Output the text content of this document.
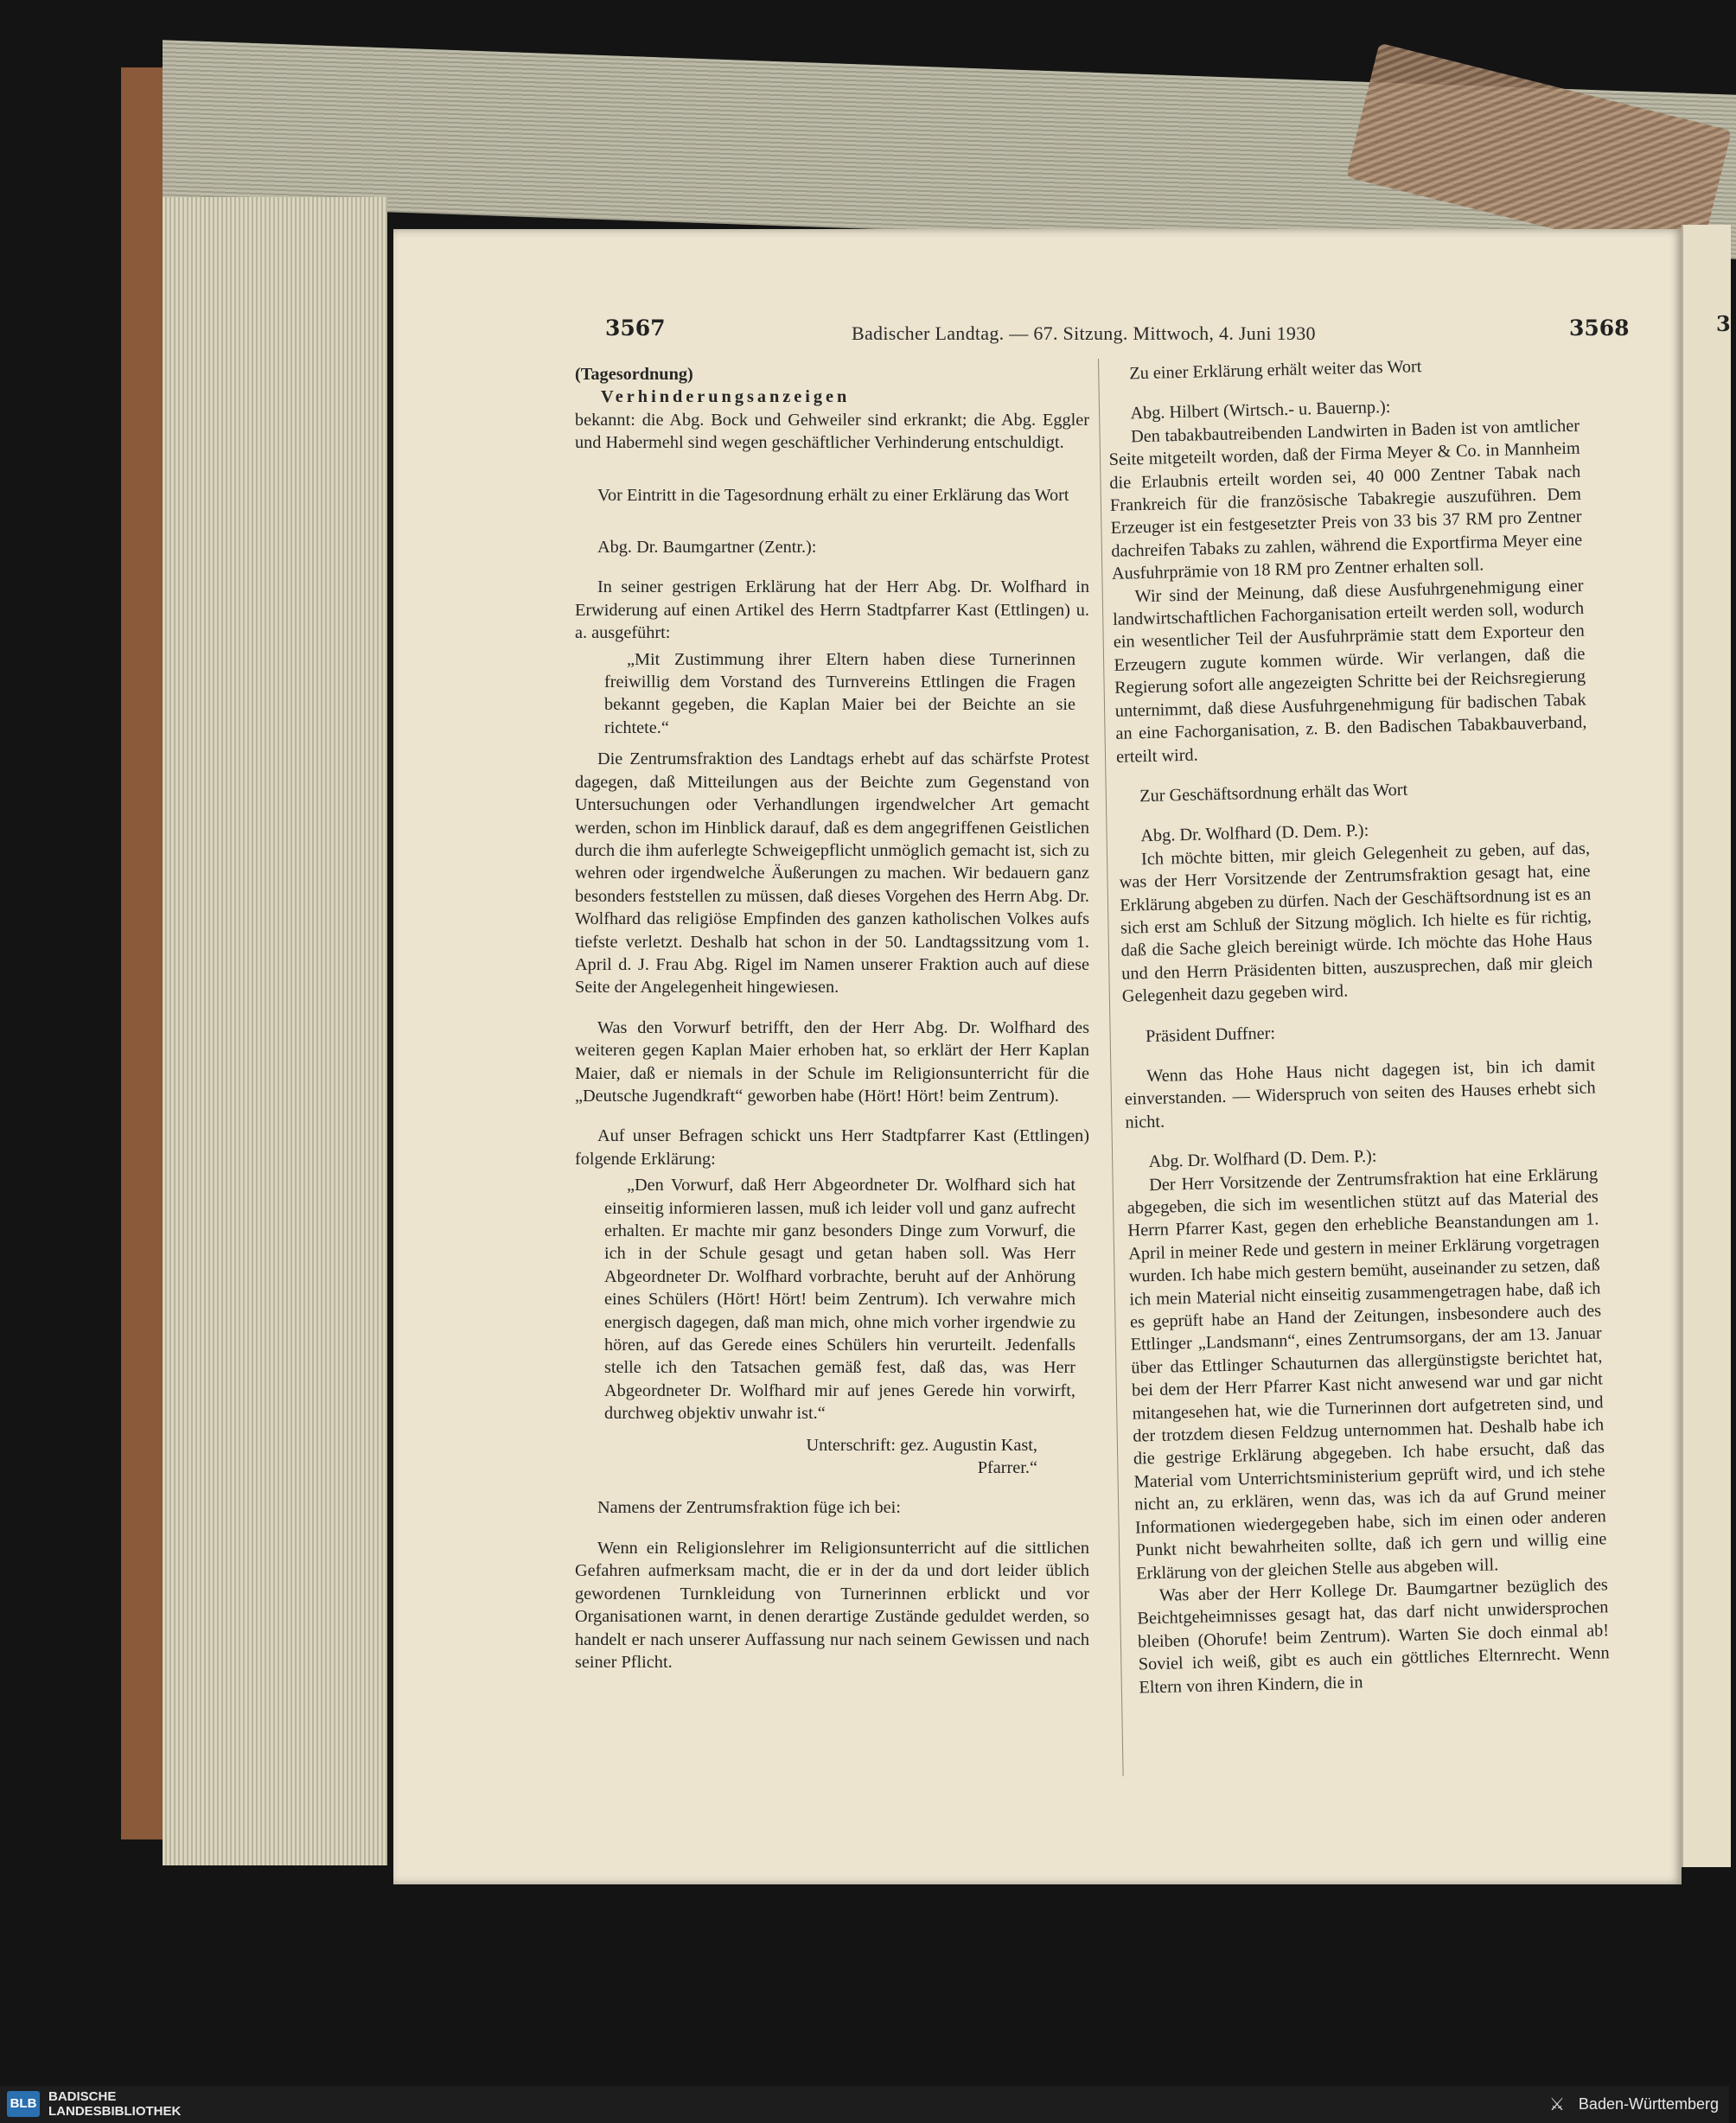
3
3567	Badischer Landtag. — 67. Sitzung. Mittwoch, 4. Juni 1930	3568

(Tagesordnung)

Verhinderungsanzeigen

bekannt: die Abg. Bock und Gehweiler sind erkrankt; die Abg. Eggler und Habermehl sind wegen geschäftlicher Verhinderung entschuldigt.

Vor Eintritt in die Tagesordnung erhält zu einer Erklärung das Wort

Abg. Dr. Baumgartner (Zentr.):

In seiner gestrigen Erklärung hat der Herr Abg. Dr. Wolfhard in Erwiderung auf einen Artikel des Herrn Stadtpfarrer Kast (Ettlingen) u. a. ausgeführt:

„Mit Zustimmung ihrer Eltern haben diese Turnerinnen freiwillig dem Vorstand des Turnvereins Ettlingen die Fragen bekannt gegeben, die Kaplan Maier bei der Beichte an sie richtete.“

Die Zentrumsfraktion des Landtags erhebt auf das schärfste Protest dagegen, daß Mitteilungen aus der Beichte zum Gegenstand von Untersuchungen oder Verhandlungen irgendwelcher Art gemacht werden, schon im Hinblick darauf, daß es dem angegriffenen Geistlichen durch die ihm auferlegte Schweigepflicht unmöglich gemacht ist, sich zu wehren oder irgendwelche Äußerungen zu machen. Wir bedauern ganz besonders feststellen zu müssen, daß dieses Vorgehen des Herrn Abg. Dr. Wolfhard das religiöse Empfinden des ganzen katholischen Volkes aufs tiefste verletzt. Deshalb hat schon in der 50. Landtagssitzung vom 1. April d. J. Frau Abg. Rigel im Namen unserer Fraktion auch auf diese Seite der Angelegenheit hingewiesen.

Was den Vorwurf betrifft, den der Herr Abg. Dr. Wolfhard des weiteren gegen Kaplan Maier erhoben hat, so erklärt der Herr Kaplan Maier, daß er niemals in der Schule im Religionsunterricht für die „Deutsche Jugendkraft“ geworben habe (Hört! Hört! beim Zentrum).

Auf unser Befragen schickt uns Herr Stadtpfarrer Kast (Ettlingen) folgende Erklärung:

„Den Vorwurf, daß Herr Abgeordneter Dr. Wolfhard sich hat einseitig informieren lassen, muß ich leider voll und ganz aufrecht erhalten. Er machte mir ganz besonders Dinge zum Vorwurf, die ich in der Schule gesagt und getan haben soll. Was Herr Abgeordneter Dr. Wolfhard vorbrachte, beruht auf der Anhörung eines Schülers (Hört! Hört! beim Zentrum). Ich verwahre mich energisch dagegen, daß man mich, ohne mich vorher irgendwie zu hören, auf das Gerede eines Schülers hin verurteilt. Jedenfalls stelle ich den Tatsachen gemäß fest, daß das, was Herr Abgeordneter Dr. Wolfhard mir auf jenes Gerede hin vorwirft, durchweg objektiv unwahr ist.“

Unterschrift: gez. Augustin Kast,

Pfarrer.“

Namens der Zentrumsfraktion füge ich bei:

Wenn ein Religionslehrer im Religionsunterricht auf die sittlichen Gefahren aufmerksam macht, die er in der da und dort leider üblich gewordenen Turnkleidung von Turnerinnen erblickt und vor Organisationen warnt, in denen derartige Zustände geduldet werden, so handelt er nach unserer Auffassung nur nach seinem Gewissen und nach seiner Pflicht.

Zu einer Erklärung erhält weiter das Wort

Abg. Hilbert (Wirtsch.- u. Bauernp.):

Den tabakbautreibenden Landwirten in Baden ist von amtlicher Seite mitgeteilt worden, daß der Firma Meyer & Co. in Mannheim die Erlaubnis erteilt worden sei, 40 000 Zentner Tabak nach Frankreich für die französische Tabakregie auszuführen. Dem Erzeuger ist ein festgesetzter Preis von 33 bis 37 RM pro Zentner dachreifen Tabaks zu zahlen, während die Exportfirma Meyer eine Ausfuhrprämie von 18 RM pro Zentner erhalten soll.

Wir sind der Meinung, daß diese Ausfuhrgenehmigung einer landwirtschaftlichen Fachorganisation erteilt werden soll, wodurch ein wesentlicher Teil der Ausfuhrprämie statt dem Exporteur den Erzeugern zugute kommen würde. Wir verlangen, daß die Regierung sofort alle angezeigten Schritte bei der Reichsregierung unternimmt, daß diese Ausfuhrgenehmigung für badischen Tabak an eine Fachorganisation, z. B. den Badischen Tabakbauverband, erteilt wird.

Zur Geschäftsordnung erhält das Wort

Abg. Dr. Wolfhard (D. Dem. P.):

Ich möchte bitten, mir gleich Gelegenheit zu geben, auf das, was der Herr Vorsitzende der Zentrumsfraktion gesagt hat, eine Erklärung abgeben zu dürfen. Nach der Geschäftsordnung ist es an sich erst am Schluß der Sitzung möglich. Ich hielte es für richtig, daß die Sache gleich bereinigt würde. Ich möchte das Hohe Haus und den Herrn Präsidenten bitten, auszusprechen, daß mir gleich Gelegenheit dazu gegeben wird.

Präsident Duffner:

Wenn das Hohe Haus nicht dagegen ist, bin ich damit einverstanden. — Widerspruch von seiten des Hauses erhebt sich nicht.

Abg. Dr. Wolfhard (D. Dem. P.):

Der Herr Vorsitzende der Zentrumsfraktion hat eine Erklärung abgegeben, die sich im wesentlichen stützt auf das Material des Herrn Pfarrer Kast, gegen den erhebliche Beanstandungen am 1. April in meiner Rede und gestern in meiner Erklärung vorgetragen wurden. Ich habe mich gestern bemüht, auseinander zu setzen, daß ich mein Material nicht einseitig zusammengetragen habe, daß ich es geprüft habe an Hand der Zeitungen, insbesondere auch des Ettlinger „Landsmann“, eines Zentrumsorgans, der am 13. Januar über das Ettlinger Schauturnen das allergünstigste berichtet hat, bei dem der Herr Pfarrer Kast nicht anwesend war und gar nicht mitangesehen hat, wie die Turnerinnen dort aufgetreten sind, und der trotzdem diesen Feldzug unternommen hat. Deshalb habe ich die gestrige Erklärung abgegeben. Ich habe ersucht, daß das Material vom Unterrichtsministerium geprüft wird, und ich stehe nicht an, zu erklären, wenn das, was ich da auf Grund meiner Informationen wiedergegeben habe, sich im einen oder anderen Punkt nicht bewahrheiten sollte, daß ich gern und willig eine Erklärung von der gleichen Stelle aus abgeben will.

Was aber der Herr Kollege Dr. Baumgartner bezüglich des Beichtgeheimnisses gesagt hat, das darf nicht unwidersprochen bleiben (Ohorufe! beim Zentrum). Warten Sie doch einmal ab! Soviel ich weiß, gibt es auch ein göttliches Elternrecht. Wenn Eltern von ihren Kindern, die in

BLB BADISCHE
LANDESBIBLIOTHEK	⚔ Baden-Württemberg
